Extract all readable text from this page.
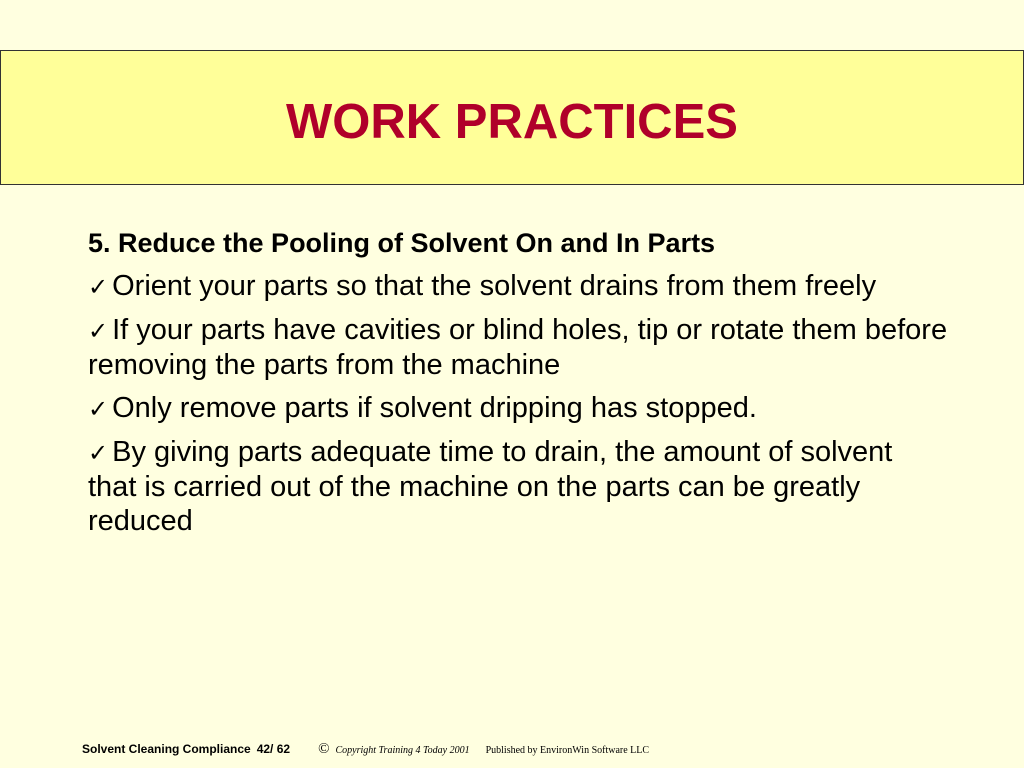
WORK PRACTICES
5. Reduce the Pooling of Solvent On and In Parts
✓ Orient your parts so that the solvent drains from them freely
✓ If your parts have cavities or blind holes, tip or rotate them before removing the parts from the machine
✓ Only remove parts if solvent dripping has stopped.
✓ By giving parts adequate time to drain, the amount of solvent that is carried out of the machine on the parts can be greatly reduced
Solvent Cleaning Compliance 42/ 62 © Copyright Training 4 Today 2001 Published by EnvironWin Software LLC
